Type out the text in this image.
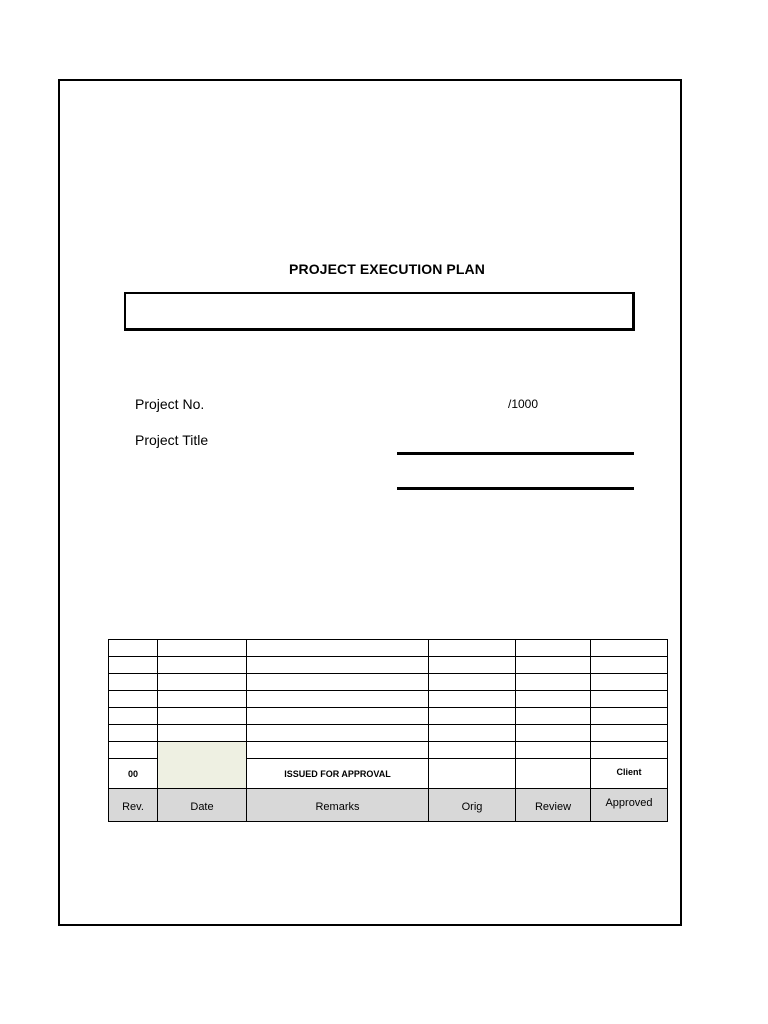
PROJECT EXECUTION PLAN
Project No.	/1000
Project Title

00		ISSUED FOR APPROVAL			Client
Rev.	Date	Remarks	Orig	Review	Approved
